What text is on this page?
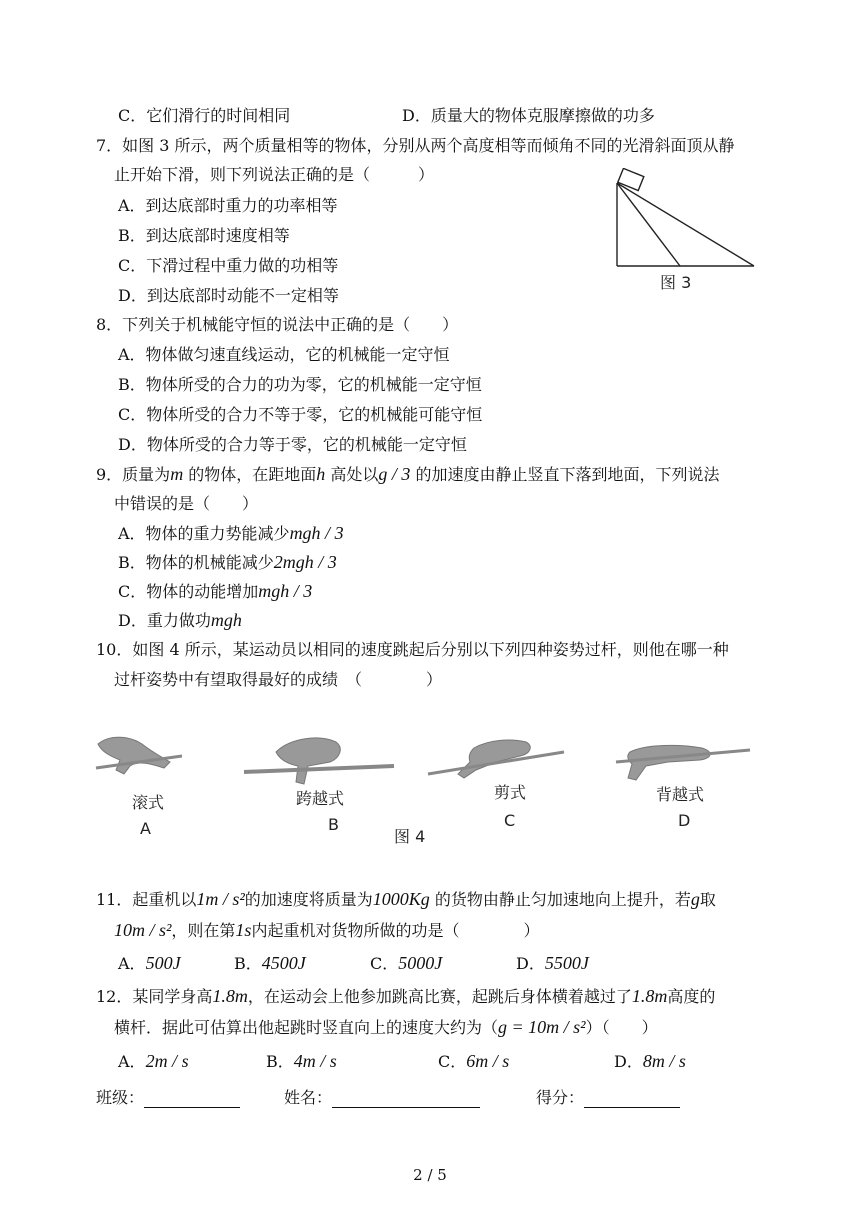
C．它们滑行的时间相同	D．质量大的物体克服摩擦做的功多
7．如图 3 所示，两个质量相等的物体，分别从两个高度相等而倾角不同的光滑斜面顶从静
止开始下滑，则下列说法正确的是（　　　）
A．到达底部时重力的功率相等
B．到达底部时速度相等
C．下滑过程中重力做的功相等
D．到达底部时动能不一定相等
图 3
8．下列关于机械能守恒的说法中正确的是（　　）
A．物体做匀速直线运动，它的机械能一定守恒
B．物体所受的合力的功为零，它的机械能一定守恒
C．物体所受的合力不等于零，它的机械能可能守恒
D．物体所受的合力等于零，它的机械能一定守恒
9．质量为m 的物体，在距地面h 高处以g / 3 的加速度由静止竖直下落到地面，下列说法
中错误的是（　　）
A．物体的重力势能减少mgh / 3
B．物体的机械能减少2mgh / 3
C．物体的动能增加mgh / 3
D．重力做功mgh
10．如图 4 所示，某运动员以相同的速度跳起后分别以下列四种姿势过杆，则他在哪一种
过杆姿势中有望取得最好的成绩　（　　　　）
滚式
A
跨越式
B
剪式
C
背越式
D
图 4
11．起重机以1m / s²的加速度将质量为1000Kg 的货物由静止匀加速地向上提升，若g取
10m / s²，则在第1s内起重机对货物所做的功是（　　　　）
A．500J	B．4500J	C．5000J	D．5500J
12．某同学身高1.8m，在运动会上他参加跳高比赛，起跳后身体横着越过了1.8m高度的
横杆．据此可估算出他起跳时竖直向上的速度大约为（g = 10m / s²）（　　）
A．2m / s	B．4m / s	C．6m / s	D．8m / s
班级：	姓名：	得分：
2 / 5
